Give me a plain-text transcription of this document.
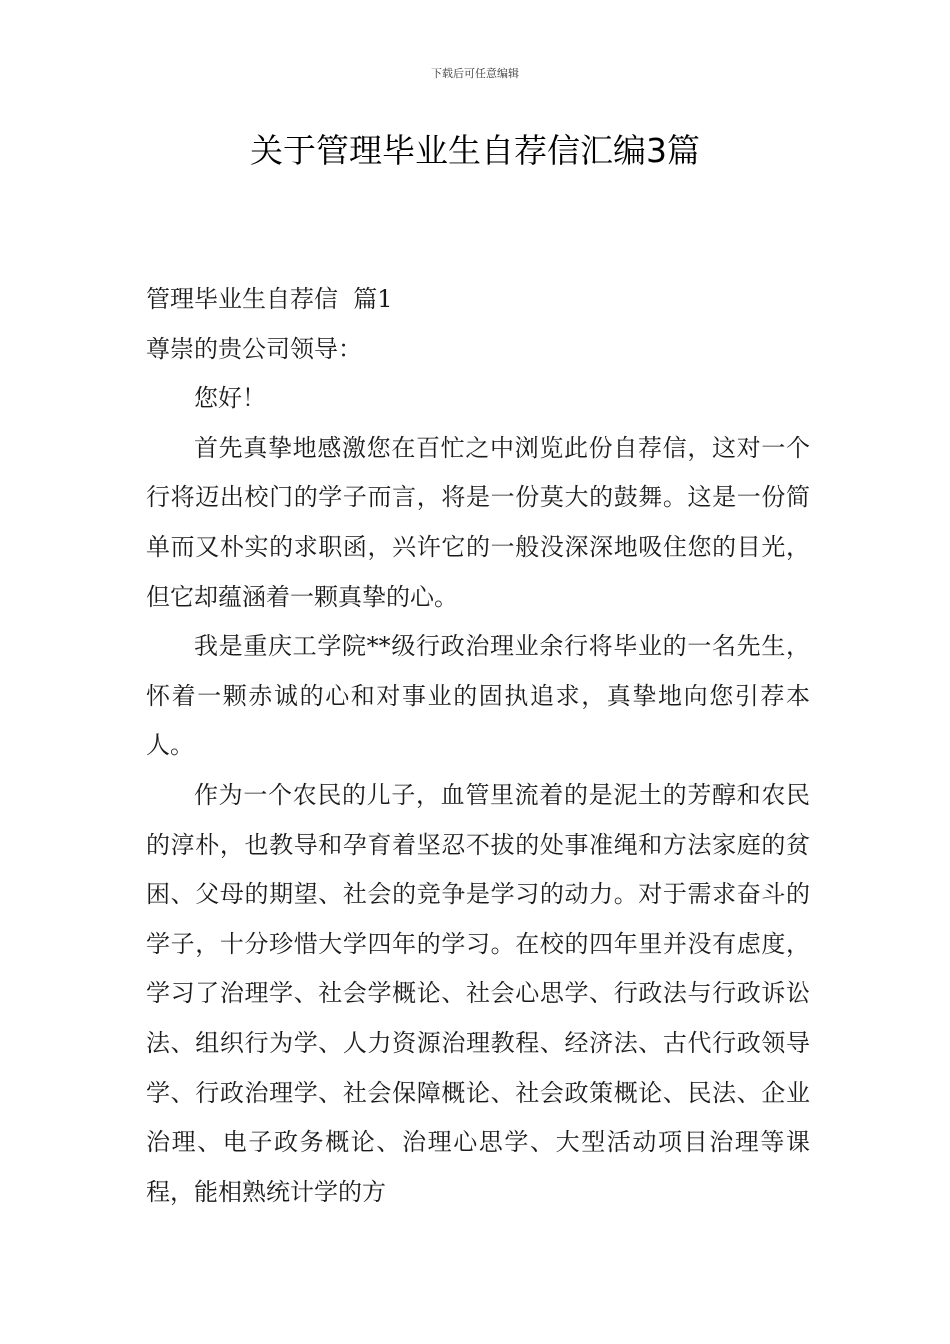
下载后可任意编辑
关于管理毕业生自荐信汇编3篇

管理毕业生自荐信  篇1

尊崇的贵公司领导：

您好！

首先真挚地感激您在百忙之中浏览此份自荐信，这对一个行将迈出校门的学子而言，将是一份莫大的鼓舞。这是一份简单而又朴实的求职函，兴许它的一般没深深地吸住您的目光，但它却蕴涵着一颗真挚的心。

我是重庆工学院**级行政治理业余行将毕业的一名先生，怀着一颗赤诚的心和对事业的固执追求，真挚地向您引荐本人。

作为一个农民的儿子，血管里流着的是泥土的芳醇和农民的淳朴，也教导和孕育着坚忍不拔的处事准绳和方法家庭的贫困、父母的期望、社会的竞争是学习的动力。对于需求奋斗的学子，十分珍惜大学四年的学习。在校的四年里并没有虑度，学习了治理学、社会学概论、社会心思学、行政法与行政诉讼法、组织行为学、人力资源治理教程、经济法、古代行政领导学、行政治理学、社会保障概论、社会政策概论、民法、企业治理、电子政务概论、治理心思学、大型活动项目治理等课程，能相熟统计学的方
